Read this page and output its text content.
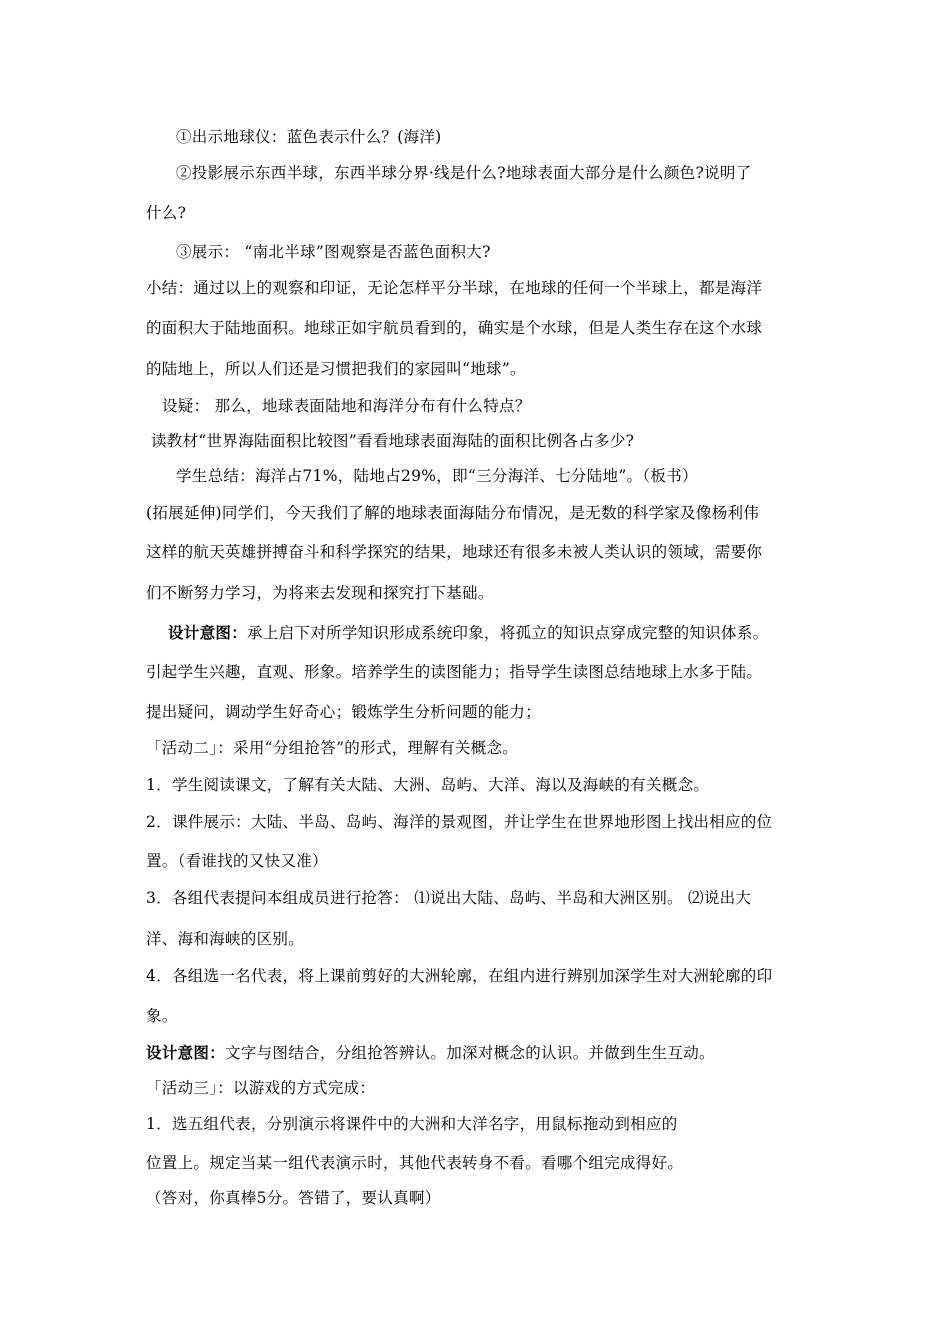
①出示地球仪：蓝色表示什么？(海洋)
②投影展示东西半球，东西半球分界·线是什么?地球表面大部分是什么颜色?说明了
什么?
③展示： “南北半球”图观察是否蓝色面积大?
小结：通过以上的观察和印证，无论怎样平分半球，在地球的任何一个半球上，都是海洋
的面积大于陆地面积。地球正如宇航员看到的，确实是个水球，但是人类生存在这个水球
的陆地上，所以人们还是习惯把我们的家园叫“地球”。
设疑： 那么，地球表面陆地和海洋分布有什么特点？
读教材“世界海陆面积比较图”看看地球表面海陆的面积比例各占多少?
学生总结：海洋占71%，陆地占29%，即“三分海洋、七分陆地”。（板书）
(拓展延伸)同学们，今天我们了解的地球表面海陆分布情况，是无数的科学家及像杨利伟
这样的航天英雄拼搏奋斗和科学探究的结果，地球还有很多未被人类认识的领域，需要你
们不断努力学习，为将来去发现和探究打下基础。
设计意图：承上启下对所学知识形成系统印象，将孤立的知识点穿成完整的知识体系。
引起学生兴趣，直观、形象。培养学生的读图能力；指导学生读图总结地球上水多于陆。
提出疑问，调动学生好奇心；锻炼学生分析问题的能力；
「活动二」：采用“分组抢答”的形式，理解有关概念。
1．学生阅读课文，了解有关大陆、大洲、岛屿、大洋、海以及海峡的有关概念。
2．课件展示：大陆、半岛、岛屿、海洋的景观图，并让学生在世界地形图上找出相应的位
置。（看谁找的又快又准）
3．各组代表提问本组成员进行抢答： ⑴说出大陆、岛屿、半岛和大洲区别。 ⑵说出大
洋、海和海峡的区别。
4．各组选一名代表，将上课前剪好的大洲轮廓，在组内进行辨别加深学生对大洲轮廓的印
象。
设计意图：文字与图结合，分组抢答辨认。加深对概念的认识。并做到生生互动。
「活动三」：以游戏的方式完成：
1．选五组代表，分别演示将课件中的大洲和大洋名字，用鼠标拖动到相应的
位置上。规定当某一组代表演示时，其他代表转身不看。看哪个组完成得好。
（答对，你真棒5分。答错了，要认真啊）
